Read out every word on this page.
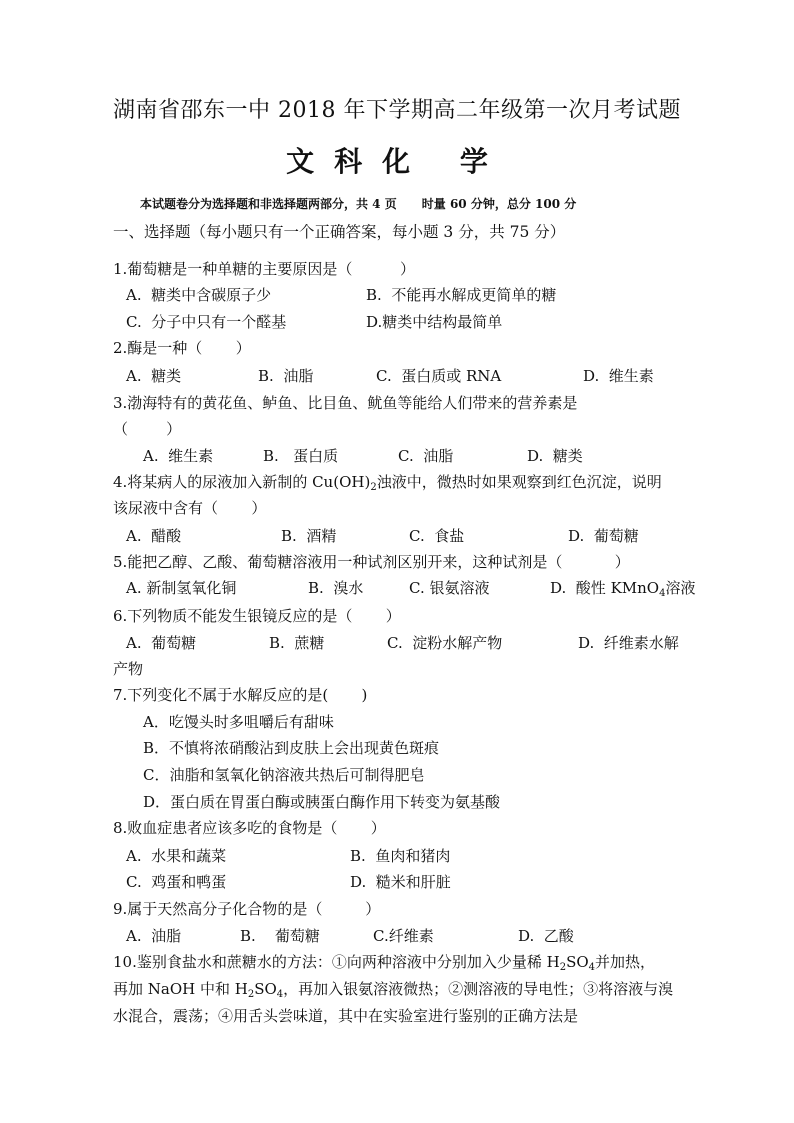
湖南省邵东一中 2018 年下学期高二年级第一次月考试题
文科化 学
本试题卷分为选择题和非选择题两部分，共 4 页      时量 60 分钟，总分 100 分
一、选择题（每小题只有一个正确答案，每小题 3 分，共 75 分）
1.葡萄糖是一种单糖的主要原因是（          ）
A.  糖类中含碳原子少	B.  不能再水解成更简单的糖
C.  分子中只有一个醛基	D.糖类中结构最简单
2.酶是一种（       ）
A.  糖类	B.  油脂	C.  蛋白质或 RNA	D.  维生素
3.渤海特有的黄花鱼、鲈鱼、比目鱼、鱿鱼等能给人们带来的营养素是
（        ）
A.  维生素	B.   蛋白质	C.  油脂	D.  糖类
4.将某病人的尿液加入新制的 $Cu(OH)_2$浊液中，微热时如果观察到红色沉淀，说明
该尿液中含有（       ）
A.  醋酸	B.  酒精	C.  食盐	D.  葡萄糖
5.能把乙醇、乙酸、葡萄糖溶液用一种试剂区别开来，这种试剂是（           ）
A. 新制氢氧化铜	B.  溴水	C. 银氨溶液	D.  酸性 KMnO$_4$溶液
6.下列物质不能发生银镜反应的是（       ）
A.  葡萄糖	B.  蔗糖	C.  淀粉水解产物	D.  纤维素水解
产物
7.下列变化不属于水解反应的是(       )
A．吃馒头时多咀嚼后有甜味
B．不慎将浓硝酸沾到皮肤上会出现黄色斑痕
C．油脂和氢氧化钠溶液共热后可制得肥皂
D．蛋白质在胃蛋白酶或胰蛋白酶作用下转变为氨基酸
8.败血症患者应该多吃的食物是（       ）
A.  水果和蔬菜	B.  鱼肉和猪肉
C.  鸡蛋和鸭蛋	D.  糙米和肝脏
9.属于天然高分子化合物的是（         ）
A.  油脂	B.    葡萄糖	C.纤维素	D.  乙酸
10.鉴别食盐水和蔗糖水的方法：①向两种溶液中分别加入少量稀 $H_2SO_4$并加热，
再加 NaOH 中和 $H_2SO_4$，再加入银氨溶液微热；②测溶液的导电性；③将溶液与溴
水混合，震荡；④用舌头尝味道，其中在实验室进行鉴别的正确方法是
